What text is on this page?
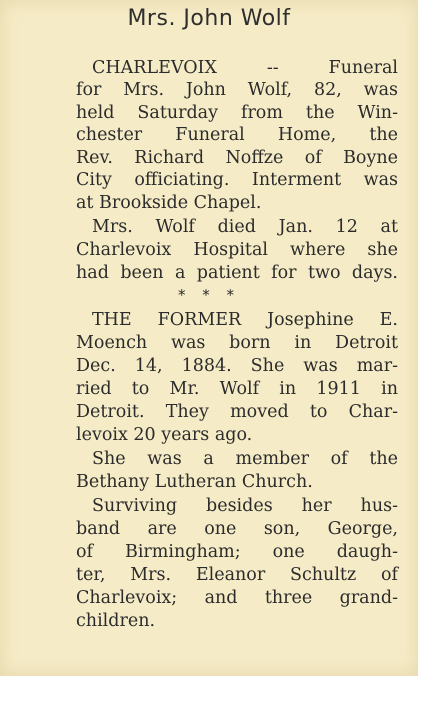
Mrs. John Wolf
CHARLEVOIX -- Funeral
for Mrs. John Wolf, 82, was
held Saturday from the Win-
chester Funeral Home, the
Rev. Richard Noffze of Boyne
City officiating. Interment was
at Brookside Chapel.
Mrs. Wolf died Jan. 12 at
Charlevoix Hospital where she
had been a patient for two days.
* * *
THE FORMER Josephine E.
Moench was born in Detroit
Dec. 14, 1884. She was mar-
ried to Mr. Wolf in 1911 in
Detroit. They moved to Char-
levoix 20 years ago.
She was a member of the
Bethany Lutheran Church.
Surviving besides her hus-
band are one son, George,
of Birmingham; one daugh-
ter, Mrs. Eleanor Schultz of
Charlevoix; and three grand-
children.
